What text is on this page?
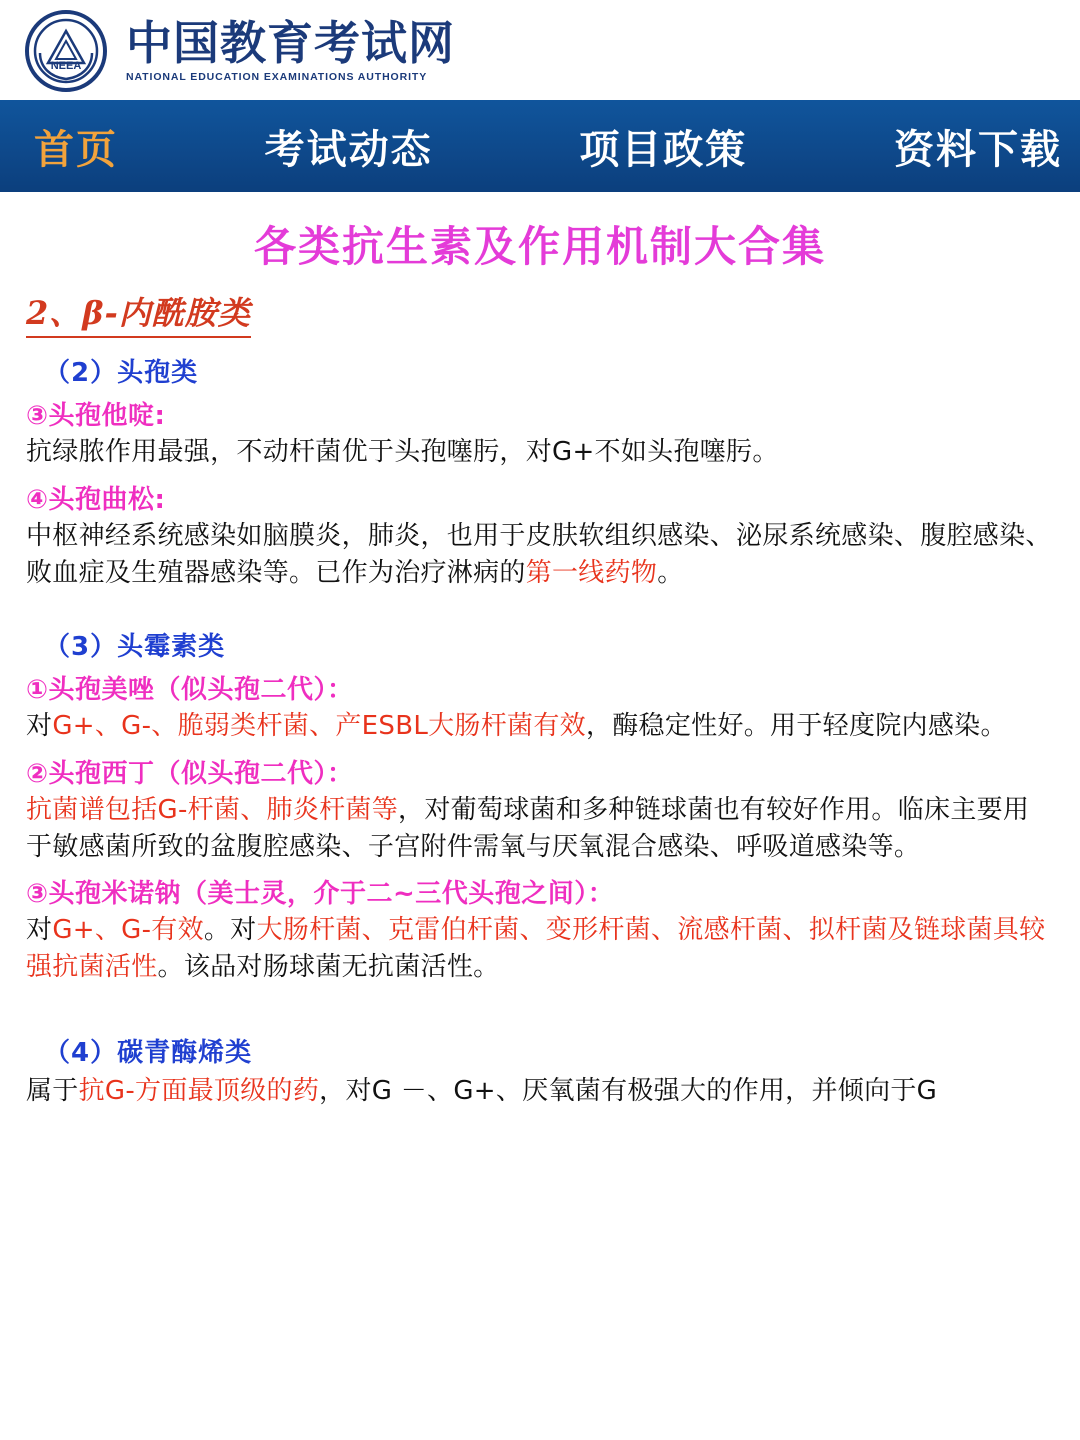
NEEA 中国教育考试网
NATIONAL EDUCATION EXAMINATIONS AUTHORITY
首页	考试动态	项目政策	资料下载
各类抗生素及作用机制大合集
2、β-内酰胺类
（2）头孢类
③头孢他啶:

抗绿脓作用最强，不动杆菌优于头孢噻肟，对G+不如头孢噻肟。

④头孢曲松:

中枢神经系统感染如脑膜炎，肺炎，也用于皮肤软组织感染、泌尿系统感染、腹腔感染、败血症及生殖器感染等。已作为治疗淋病的第一线药物。

（3）头霉素类
①头孢美唑（似头孢二代）：

对G+、G-、脆弱类杆菌、产ESBL大肠杆菌有效，酶稳定性好。用于轻度院内感染。

②头孢西丁（似头孢二代）：

抗菌谱包括G-杆菌、肺炎杆菌等，对葡萄球菌和多种链球菌也有较好作用。临床主要用于敏感菌所致的盆腹腔感染、子宫附件需氧与厌氧混合感染、呼吸道感染等。

③头孢米诺钠（美士灵，介于二~三代头孢之间）：

对G+、G-有效。对大肠杆菌、克雷伯杆菌、变形杆菌、流感杆菌、拟杆菌及链球菌具较强抗菌活性。该品对肠球菌无抗菌活性。

（4）碳青酶烯类

属于抗G-方面最顶级的药，对G －、G+、厌氧菌有极强大的作用，并倾向于G
